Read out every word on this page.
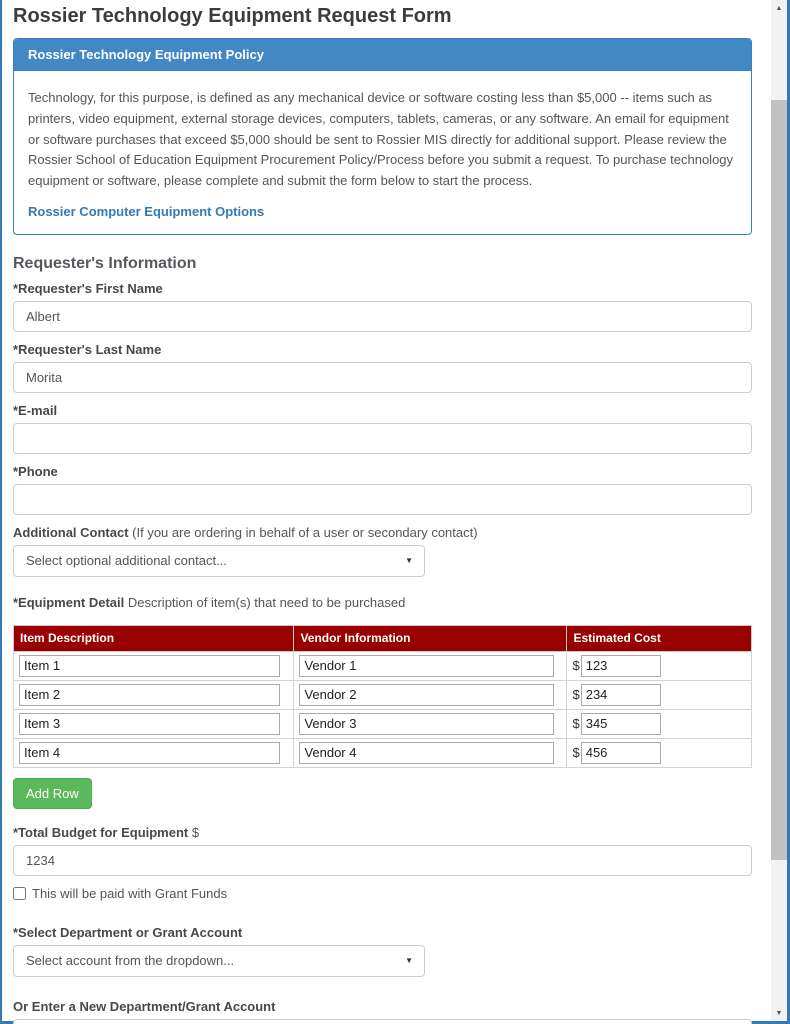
Rossier Technology Equipment Request Form
Rossier Technology Equipment Policy

Technology, for this purpose, is defined as any mechanical device or software costing less than $5,000 -- items such as printers, video equipment, external storage devices, computers, tablets, cameras, or any software. An email for equipment or software purchases that exceed $5,000 should be sent to Rossier MIS directly for additional support. Please review the Rossier School of Education Equipment Procurement Policy/Process before you submit a request. To purchase technology equipment or software, please complete and submit the form below to start the process.

Rossier Computer Equipment Options
Requester's Information
*Requester's First Name
Albert
*Requester's Last Name
Morita
*E-mail
*Phone
Additional Contact (If you are ordering in behalf of a user or secondary contact)
Select optional additional contact...	▼
*Equipment Detail Description of item(s) that need to be purchased
Item Description	Vendor Information	Estimated Cost
Item 1	Vendor 1	$123
Item 2	Vendor 2	$234
Item 3	Vendor 3	$345
Item 4	Vendor 4	$456
Add Row
*Total Budget for Equipment $
1234
This will be paid with Grant Funds
*Select Department or Grant Account
Select account from the dropdown...	▼
Or Enter a New Department/Grant Account
▲
▼
